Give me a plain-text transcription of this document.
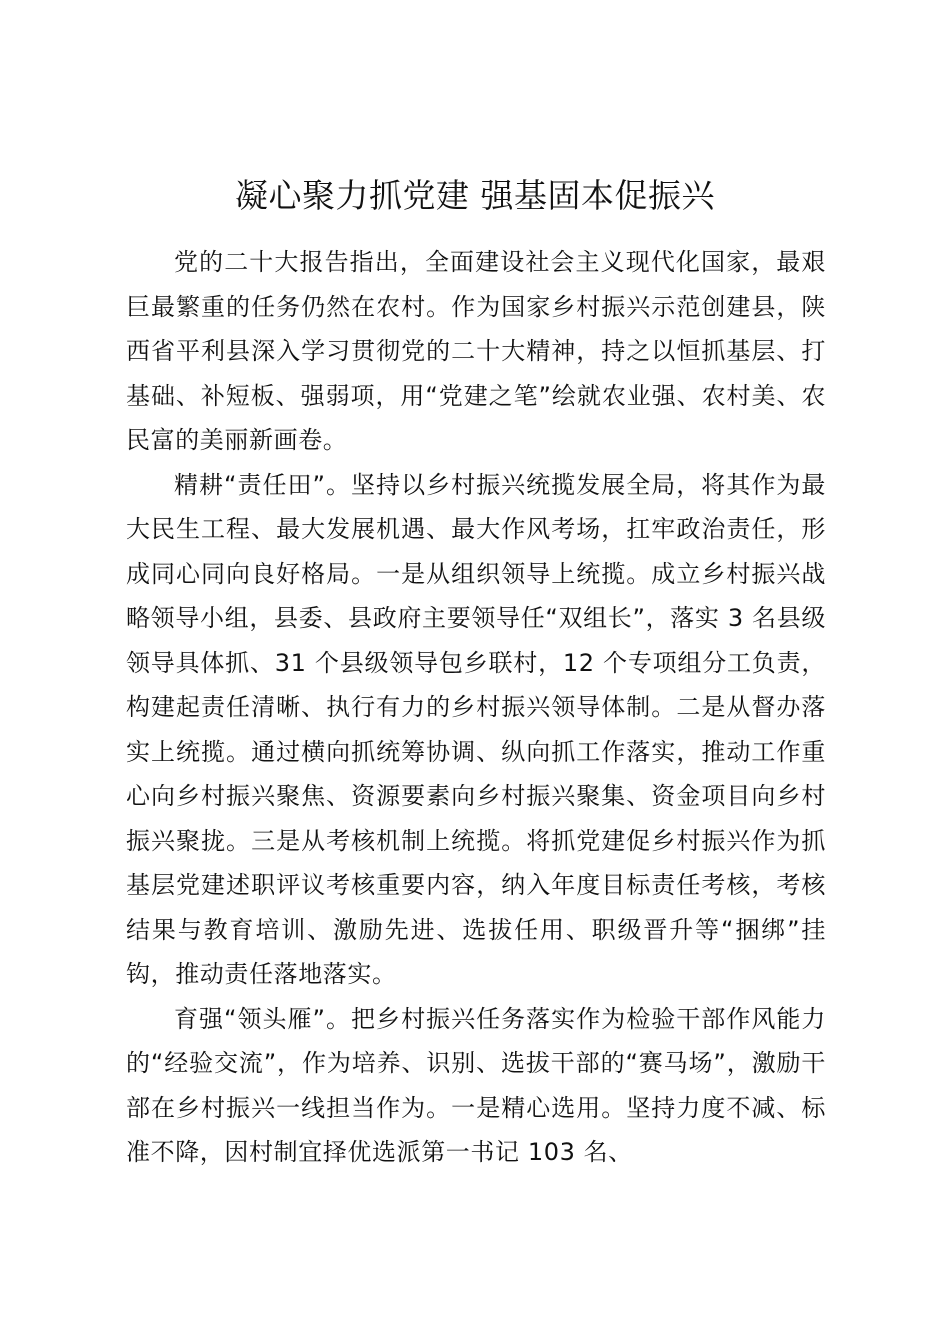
凝心聚力抓党建 强基固本促振兴

党的二十大报告指出，全面建设社会主义现代化国家，最艰巨最繁重的任务仍然在农村。作为国家乡村振兴示范创建县，陕西省平利县深入学习贯彻党的二十大精神，持之以恒抓基层、打基础、补短板、强弱项，用“党建之笔”绘就农业强、农村美、农民富的美丽新画卷。

精耕“责任田”。坚持以乡村振兴统揽发展全局，将其作为最大民生工程、最大发展机遇、最大作风考场，扛牢政治责任，形成同心同向良好格局。一是从组织领导上统揽。成立乡村振兴战略领导小组，县委、县政府主要领导任“双组长”，落实 3 名县级领导具体抓、31 个县级领导包乡联村，12 个专项组分工负责，构建起责任清晰、执行有力的乡村振兴领导体制。二是从督办落实上统揽。通过横向抓统筹协调、纵向抓工作落实，推动工作重心向乡村振兴聚焦、资源要素向乡村振兴聚集、资金项目向乡村振兴聚拢。三是从考核机制上统揽。将抓党建促乡村振兴作为抓基层党建述职评议考核重要内容，纳入年度目标责任考核，考核结果与教育培训、激励先进、选拔任用、职级晋升等“捆绑”挂钩，推动责任落地落实。

育强“领头雁”。把乡村振兴任务落实作为检验干部作风能力的“经验交流”，作为培养、识别、选拔干部的“赛马场”，激励干部在乡村振兴一线担当作为。一是精心选用。坚持力度不减、标准不降，因村制宜择优选派第一书记 103 名、
